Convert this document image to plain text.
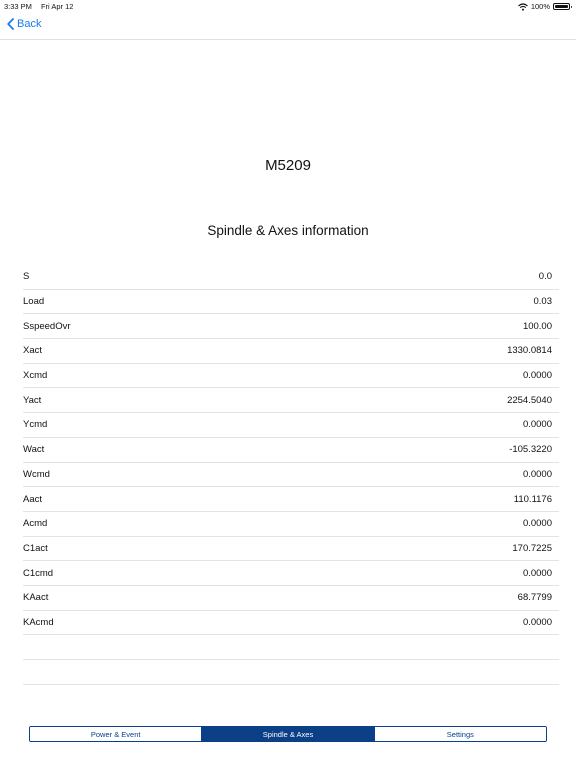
3:33 PM Fri Apr 12	100%
Back
M5209
Spindle & Axes information
S	0.0
Load	0.03
SspeedOvr	100.00
Xact	1330.0814
Xcmd	0.0000
Yact	2254.5040
Ycmd	0.0000
Wact	-105.3220
Wcmd	0.0000
Aact	110.1176
Acmd	0.0000
C1act	170.7225
C1cmd	0.0000
KAact	68.7799
KAcmd	0.0000
Power & Event	Spindle & Axes	Settings
